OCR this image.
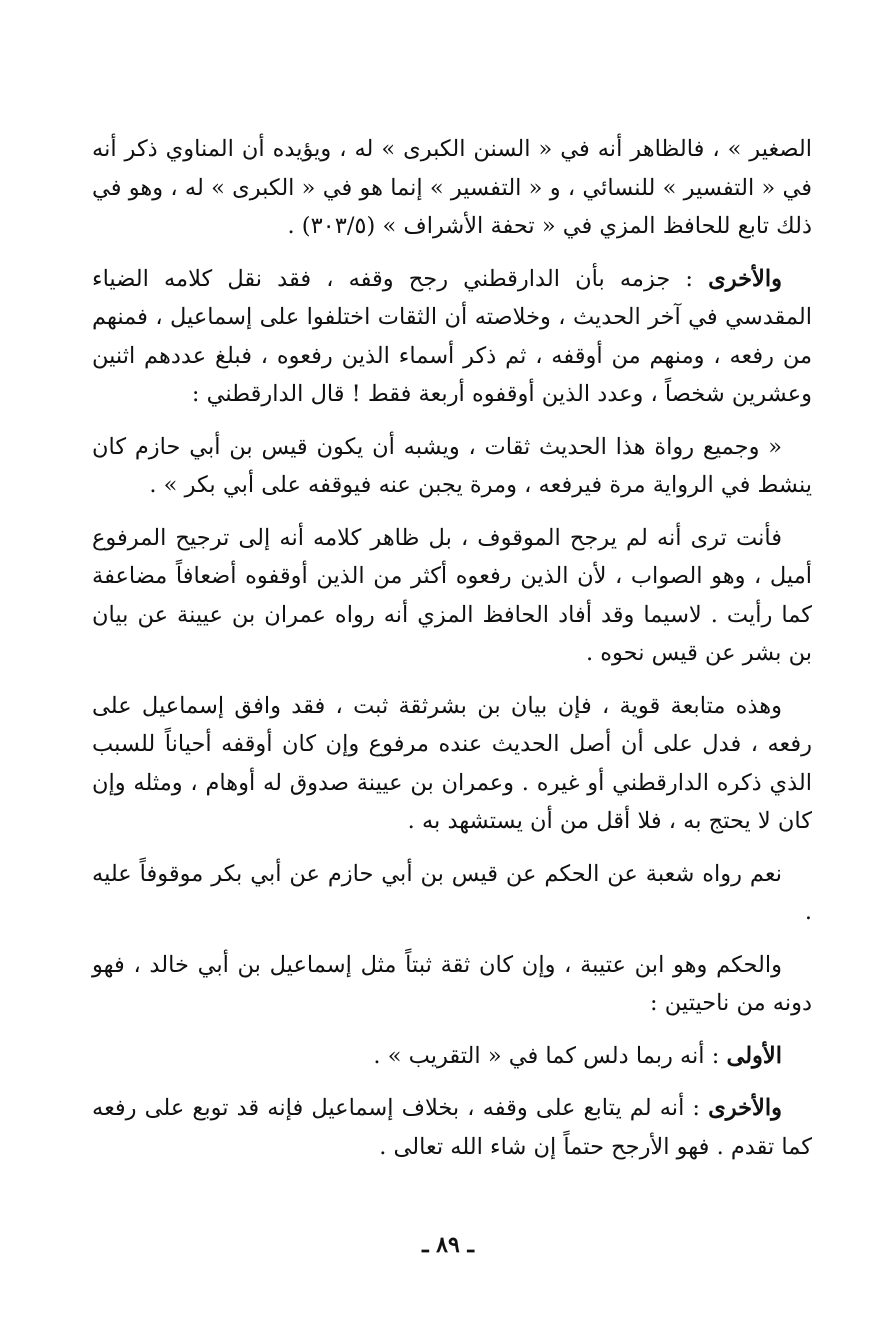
الصغير » ، فالظاهر أنه في « السنن الكبرى » له ، ويؤيده أن المناوي ذكر أنه في « التفسير » للنسائي ، و « التفسير » إنما هو في « الكبرى » له ، وهو في ذلك تابع للحافظ المزي في « تحفة الأشراف » (٣٠٣/٥) .

والأخرى : جزمه بأن الدارقطني رجح وقفه ، فقد نقل كلامه الضياء المقدسي في آخر الحديث ، وخلاصته أن الثقات اختلفوا على إسماعيل ، فمنهم من رفعه ، ومنهم من أوقفه ، ثم ذكر أسماء الذين رفعوه ، فبلغ عددهم اثنين وعشرين شخصاً ، وعدد الذين أوقفوه أربعة فقط ! قال الدارقطني :

« وجميع رواة هذا الحديث ثقات ، ويشبه أن يكون قيس بن أبي حازم كان ينشط في الرواية مرة فيرفعه ، ومرة يجبن عنه فيوقفه على أبي بكر » .

فأنت ترى أنه لم يرجح الموقوف ، بل ظاهر كلامه أنه إلى ترجيح المرفوع أميل ، وهو الصواب ، لأن الذين رفعوه أكثر من الذين أوقفوه أضعافاً مضاعفة كما رأيت . لاسيما وقد أفاد الحافظ المزي أنه رواه عمران بن عيينة عن بيان بن بشر عن قيس نحوه .

وهذه متابعة قوية ، فإن بيان بن بشرثقة ثبت ، فقد وافق إسماعيل على رفعه ، فدل على أن أصل الحديث عنده مرفوع وإن كان أوقفه أحياناً للسبب الذي ذكره الدارقطني أو غيره . وعمران بن عيينة صدوق له أوهام ، ومثله وإن كان لا يحتج به ، فلا أقل من أن يستشهد به .

نعم رواه شعبة عن الحكم عن قيس بن أبي حازم عن أبي بكر موقوفاً عليه .

والحكم وهو ابن عتيبة ، وإن كان ثقة ثبتاً مثل إسماعيل بن أبي خالد ، فهو دونه من ناحيتين :

الأولى : أنه ربما دلس كما في « التقريب » .

والأخرى : أنه لم يتابع على وقفه ، بخلاف إسماعيل فإنه قد توبع على رفعه كما تقدم . فهو الأرجح حتماً إن شاء الله تعالى .

ـ ٨٩ ـ
